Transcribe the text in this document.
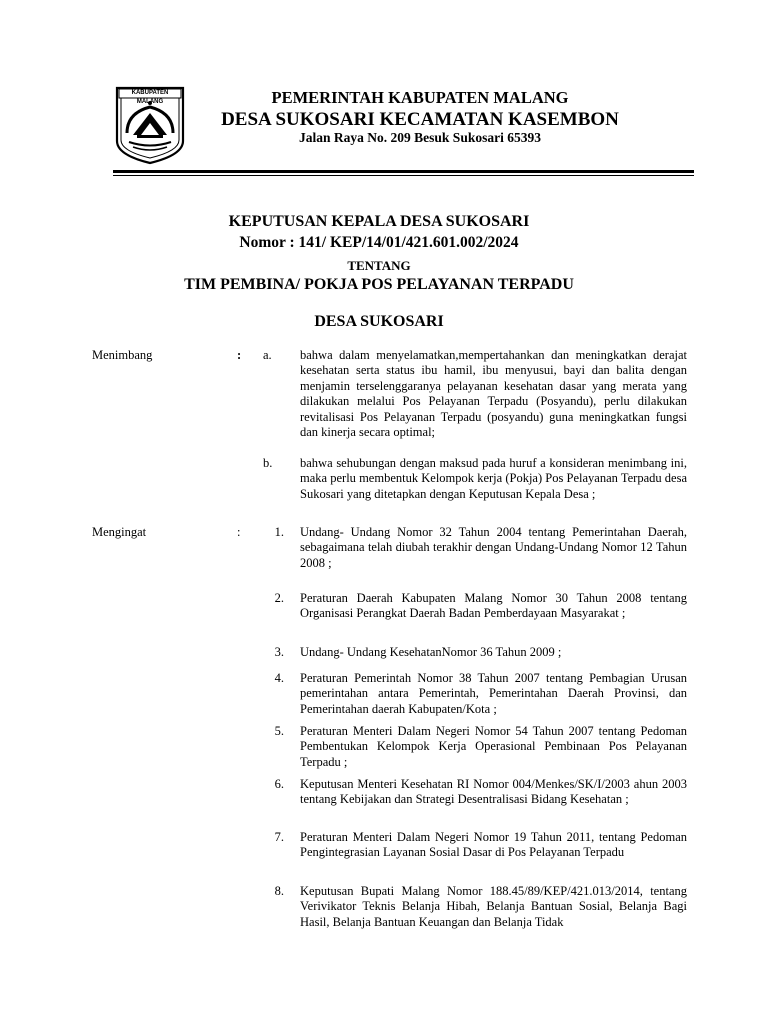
KABUPATEN MALANG	PEMERINTAH KABUPATEN MALANG
DESA SUKOSARI KECAMATAN KASEMBON
Jalan Raya No. 209 Besuk Sukosari 65393
KEPUTUSAN KEPALA DESA SUKOSARI
Nomor : 141/ KEP/14/01/421.601.002/2024
TENTANG
TIM PEMBINA/ POKJA POS PELAYANAN TERPADU
DESA SUKOSARI
Menimbang	: a. bahwa dalam menyelamatkan,mempertahankan dan meningkatkan derajat kesehatan serta status ibu hamil, ibu menyusui, bayi dan balita dengan menjamin terselenggaranya pelayanan kesehatan dasar yang merata yang dilakukan melalui Pos Pelayanan Terpadu (Posyandu), perlu dilakukan revitalisasi Pos Pelayanan Terpadu (posyandu) guna meningkatkan fungsi dan kinerja secara optimal;
b. bahwa sehubungan dengan maksud pada huruf a konsideran menimbang ini, maka perlu membentuk Kelompok kerja (Pokja) Pos Pelayanan Terpadu desa Sukosari yang ditetapkan dengan Keputusan Kepala Desa ;
Mengingat	:	1. Undang- Undang Nomor 32 Tahun 2004 tentang Pemerintahan Daerah, sebagaimana telah diubah terakhir dengan Undang-Undang Nomor 12 Tahun 2008 ;
2. Peraturan Daerah Kabupaten Malang Nomor 30 Tahun 2008 tentang Organisasi Perangkat Daerah Badan Pemberdayaan Masyarakat ;
3. Undang- Undang KesehatanNomor 36 Tahun 2009 ;
4. Peraturan Pemerintah Nomor 38 Tahun 2007 tentang Pembagian Urusan pemerintahan antara Pemerintah, Pemerintahan Daerah Provinsi, dan Pemerintahan daerah Kabupaten/Kota ;
5. Peraturan Menteri Dalam Negeri Nomor 54 Tahun 2007 tentang Pedoman Pembentukan Kelompok Kerja Operasional Pembinaan Pos Pelayanan Terpadu ;
6. Keputusan Menteri Kesehatan RI Nomor 004/Menkes/SK/I/2003 ahun 2003 tentang Kebijakan dan Strategi Desentralisasi Bidang Kesehatan ;
7. Peraturan Menteri Dalam Negeri Nomor 19 Tahun 2011, tentang Pedoman Pengintegrasian Layanan Sosial Dasar di Pos Pelayanan Terpadu
8. Keputusan Bupati Malang Nomor 188.45/89/KEP/421.013/2014, tentang Verivikator Teknis Belanja Hibah, Belanja Bantuan Sosial, Belanja Bagi Hasil, Belanja Bantuan Keuangan dan Belanja Tidak
